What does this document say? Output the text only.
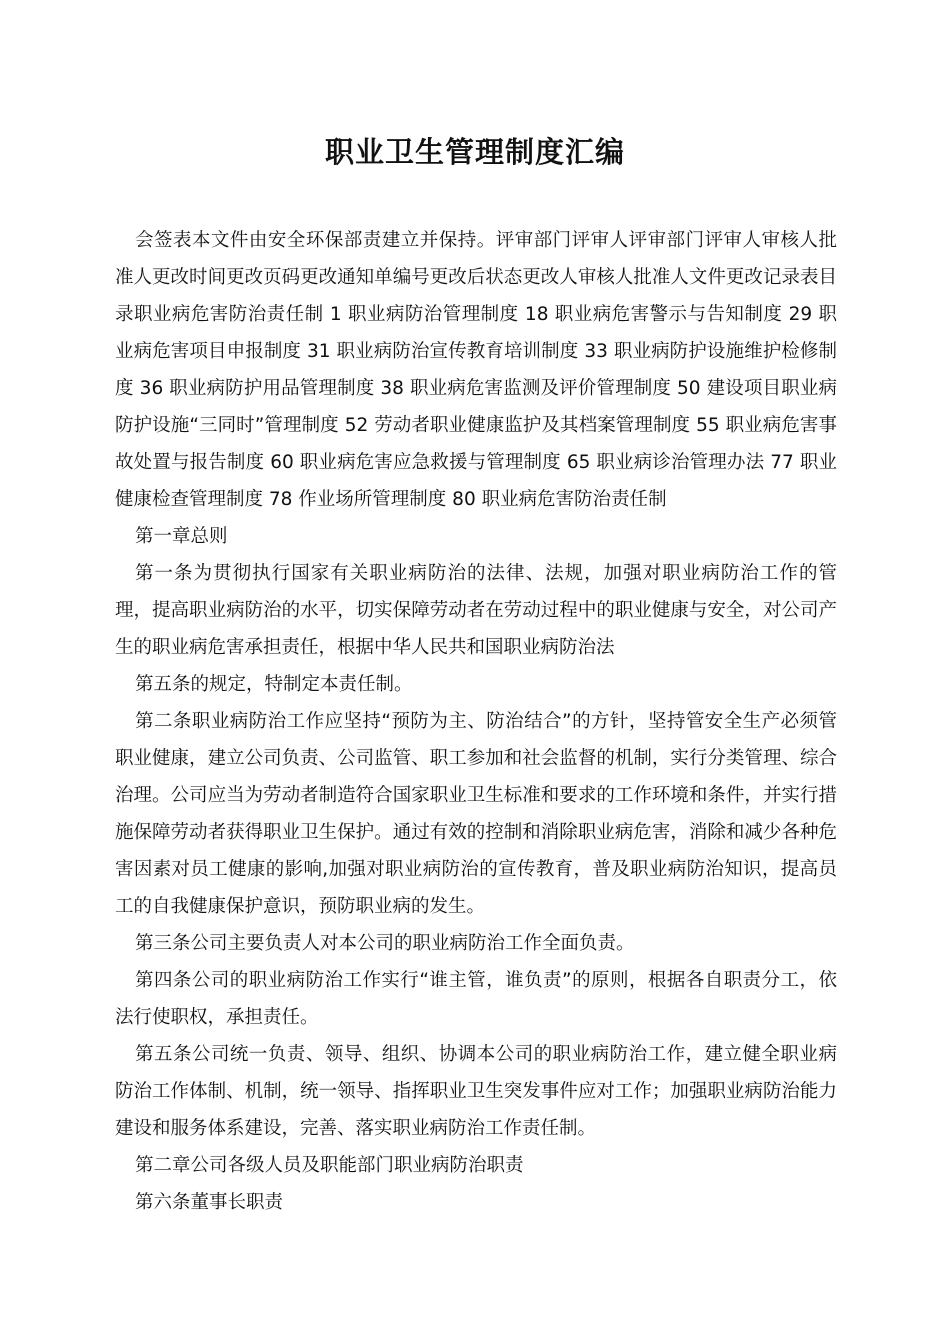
职业卫生管理制度汇编

会签表本文件由安全环保部责建立并保持。评审部门评审人评审部门评审人审核人批准人更改时间更改页码更改通知单编号更改后状态更改人审核人批准人文件更改记录表目录职业病危害防治责任制 1 职业病防治管理制度 18 职业病危害警示与告知制度 29 职业病危害项目申报制度 31 职业病防治宣传教育培训制度 33 职业病防护设施维护检修制度 36 职业病防护用品管理制度 38 职业病危害监测及评价管理制度 50 建设项目职业病防护设施“三同时”管理制度 52 劳动者职业健康监护及其档案管理制度 55 职业病危害事故处置与报告制度 60 职业病危害应急救援与管理制度 65 职业病诊治管理办法 77 职业健康检查管理制度 78 作业场所管理制度 80 职业病危害防治责任制

第一章总则

第一条为贯彻执行国家有关职业病防治的法律、法规，加强对职业病防治工作的管理，提高职业病防治的水平，切实保障劳动者在劳动过程中的职业健康与安全，对公司产生的职业病危害承担责任，根据中华人民共和国职业病防治法

第五条的规定，特制定本责任制。

第二条职业病防治工作应坚持“预防为主、防治结合”的方针，坚持管安全生产必须管职业健康，建立公司负责、公司监管、职工参加和社会监督的机制，实行分类管理、综合治理。公司应当为劳动者制造符合国家职业卫生标准和要求的工作环境和条件，并实行措施保障劳动者获得职业卫生保护。通过有效的控制和消除职业病危害，消除和减少各种危害因素对员工健康的影响,加强对职业病防治的宣传教育，普及职业病防治知识，提高员工的自我健康保护意识，预防职业病的发生。

第三条公司主要负责人对本公司的职业病防治工作全面负责。

第四条公司的职业病防治工作实行“谁主管，谁负责”的原则，根据各自职责分工，依法行使职权，承担责任。

第五条公司统一负责、领导、组织、协调本公司的职业病防治工作，建立健全职业病防治工作体制、机制，统一领导、指挥职业卫生突发事件应对工作；加强职业病防治能力建设和服务体系建设，完善、落实职业病防治工作责任制。

第二章公司各级人员及职能部门职业病防治职责

第六条董事长职责
